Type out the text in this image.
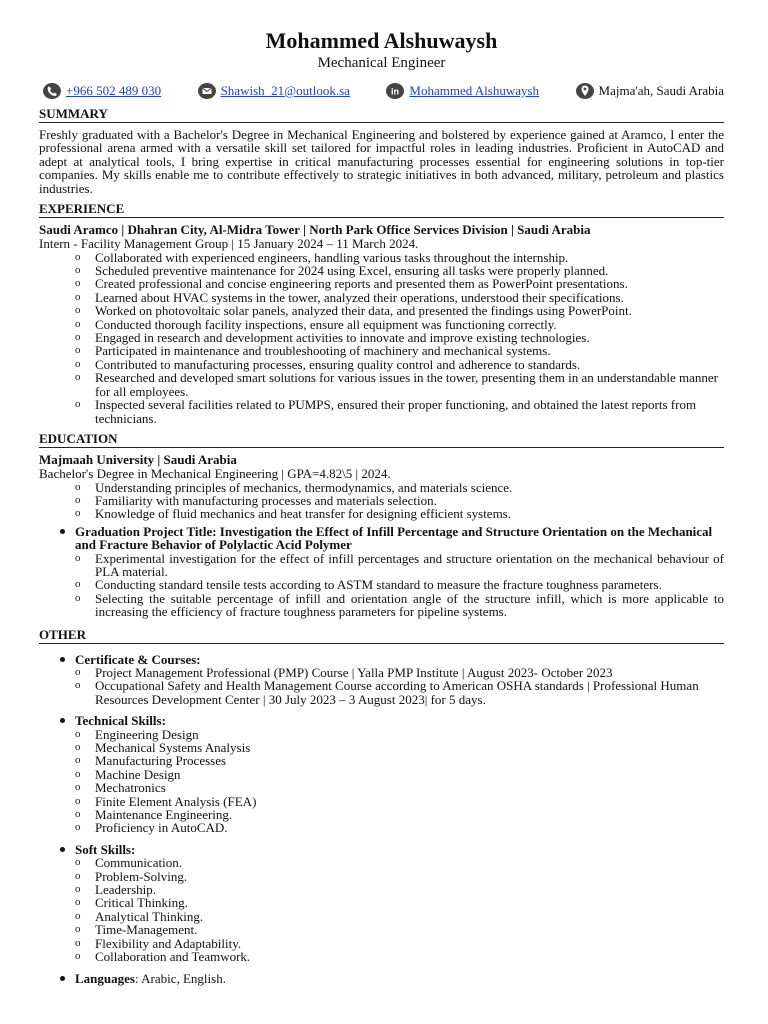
Mohammed Alshuwaysh
Mechanical Engineer
+966 502 489 030	Shawish_21@outlook.sa	in Mohammed Alshuwaysh	Majma'ah, Saudi Arabia
SUMMARY

Freshly graduated with a Bachelor's Degree in Mechanical Engineering and bolstered by experience gained at Aramco, I enter the professional arena armed with a versatile skill set tailored for impactful roles in leading industries. Proficient in AutoCAD and adept at analytical tools, I bring expertise in critical manufacturing processes essential for engineering solutions in top-tier companies. My skills enable me to contribute effectively to strategic initiatives in both advanced, military, petroleum and plastics industries.

EXPERIENCE
Saudi Aramco | Dhahran City, Al-Midra Tower | North Park Office Services Division | Saudi Arabia
Intern - Facility Management Group | 15 January 2024 – 11 March 2024.
o Collaborated with experienced engineers, handling various tasks throughout the internship.
o Scheduled preventive maintenance for 2024 using Excel, ensuring all tasks were properly planned.
o Created professional and concise engineering reports and presented them as PowerPoint presentations.
o Learned about HVAC systems in the tower, analyzed their operations, understood their specifications.
o Worked on photovoltaic solar panels, analyzed their data, and presented the findings using PowerPoint.
o Conducted thorough facility inspections, ensure all equipment was functioning correctly.
o Engaged in research and development activities to innovate and improve existing technologies.
o Participated in maintenance and troubleshooting of machinery and mechanical systems.
o Contributed to manufacturing processes, ensuring quality control and adherence to standards.
o Researched and developed smart solutions for various issues in the tower, presenting them in an understandable manner for all employees.
o Inspected several facilities related to PUMPS, ensured their proper functioning, and obtained the latest reports from technicians.
EDUCATION
Majmaah University | Saudi Arabia
Bachelor's Degree in Mechanical Engineering | GPA=4.82\5 | 2024.
o Understanding principles of mechanics, thermodynamics, and materials science.
o Familiarity with manufacturing processes and materials selection.
o Knowledge of fluid mechanics and heat transfer for designing efficient systems.
Graduation Project Title: Investigation the Effect of Infill Percentage and Structure Orientation on the Mechanical and Fracture Behavior of Polylactic Acid Polymer
o Experimental investigation for the effect of infill percentages and structure orientation on the mechanical behaviour of PLA material.
o Conducting standard tensile tests according to ASTM standard to measure the fracture toughness parameters.
o Selecting the suitable percentage of infill and orientation angle of the structure infill, which is more applicable to increasing the efficiency of fracture toughness parameters for pipeline systems.
OTHER
Certificate & Courses:
o Project Management Professional (PMP) Course | Yalla PMP Institute | August 2023- October 2023
o Occupational Safety and Health Management Course according to American OSHA standards | Professional Human Resources Development Center | 30 July 2023 – 3 August 2023| for 5 days.
Technical Skills:
o Engineering Design
o Mechanical Systems Analysis
o Manufacturing Processes
o Machine Design
o Mechatronics
o Finite Element Analysis (FEA)
o Maintenance Engineering.
o Proficiency in AutoCAD.
Soft Skills:
o Communication.
o Problem-Solving.
o Leadership.
o Critical Thinking.
o Analytical Thinking.
o Time-Management.
o Flexibility and Adaptability.
o Collaboration and Teamwork.
Languages: Arabic, English.
